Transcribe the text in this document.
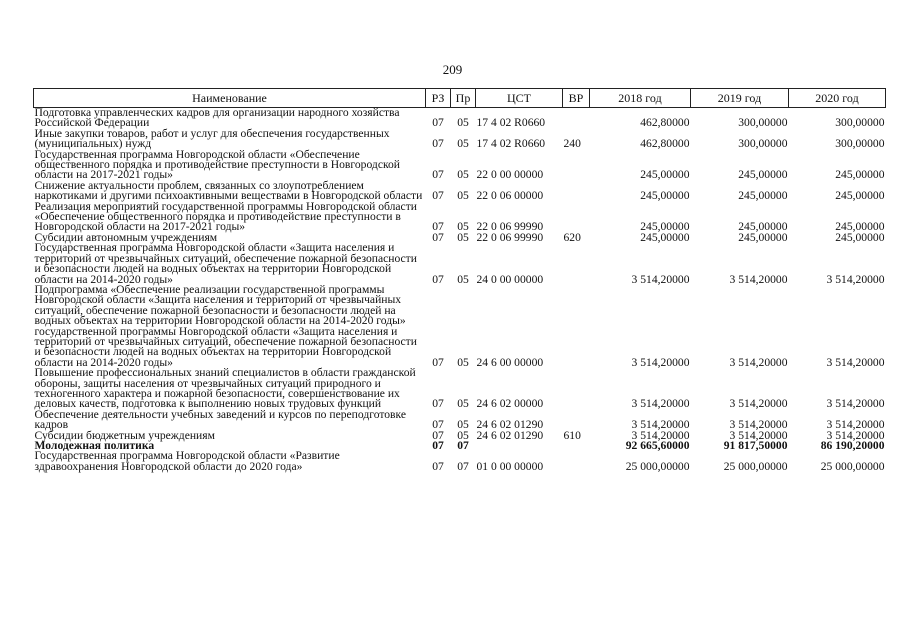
209
Наименование	РЗ	Пр	ЦСТ	ВР	2018 год	2019 год	2020 год
Подготовка управленческих кадров для организации народного хозяйства Российской Федерации	07	05	17 4 02 R0660		462,80000	300,00000	300,00000
Иные закупки товаров, работ и услуг для обеспечения государственных (муниципальных) нужд	07	05	17 4 02 R0660	240	462,80000	300,00000	300,00000
Государственная программа Новгородской области «Обеспечение общественного порядка и противодействие преступности в Новгородской области на 2017-2021 годы»	07	05	22 0 00 00000		245,00000	245,00000	245,00000
Снижение актуальности проблем, связанных со злоупотреблением наркотиками и другими психоактивными веществами в Новгородской области	07	05	22 0 06 00000		245,00000	245,00000	245,00000
Реализация мероприятий государственной программы Новгородской области «Обеспечение общественного порядка и противодействие преступности в Новгородской области на 2017-2021 годы»	07	05	22 0 06 99990		245,00000	245,00000	245,00000
Субсидии автономным учреждениям	07	05	22 0 06 99990	620	245,00000	245,00000	245,00000
Государственная программа Новгородской области «Защита населения и территорий от чрезвычайных ситуаций, обеспечение пожарной безопасности и безопасности людей на водных объектах на территории Новгородской области на 2014-2020 годы»	07	05	24 0 00 00000		3 514,20000	3 514,20000	3 514,20000
Подпрограмма «Обеспечение реализации государственной программы Новгородской области «Защита населения и территорий от чрезвычайных ситуаций, обеспечение пожарной безопасности и безопасности людей на водных объектах на территории Новгородской области на 2014-2020 годы» государственной программы Новгородской области «Защита населения и территорий от чрезвычайных ситуаций, обеспечение пожарной безопасности и безопасности людей на водных объектах на территории Новгородской области на 2014-2020 годы»	07	05	24 6 00 00000		3 514,20000	3 514,20000	3 514,20000
Повышение профессиональных знаний специалистов в области гражданской обороны, защиты населения от чрезвычайных ситуаций природного и техногенного характера и пожарной безопасности, совершенствование их деловых качеств, подготовка к выполнению новых трудовых функций	07	05	24 6 02 00000		3 514,20000	3 514,20000	3 514,20000
Обеспечение деятельности учебных заведений и курсов по переподготовке кадров	07	05	24 6 02 01290		3 514,20000	3 514,20000	3 514,20000
Субсидии бюджетным учреждениям	07	05	24 6 02 01290	610	3 514,20000	3 514,20000	3 514,20000
Молодежная политика	07	07			92 665,60000	91 817,50000	86 190,20000
Государственная программа Новгородской области «Развитие здравоохранения Новгородской области до 2020 года»	07	07	01 0 00 00000		25 000,00000	25 000,00000	25 000,00000
